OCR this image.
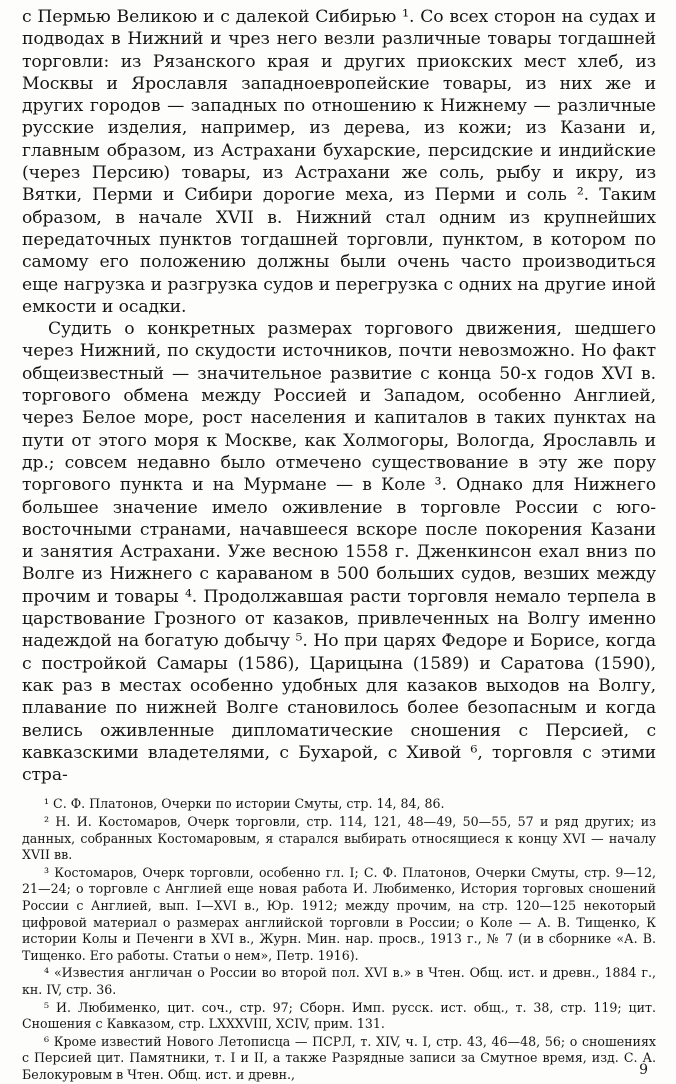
с Пермью Великою и с далекой Сибирью ¹. Со всех сторон на судах и подводах в Нижний и чрез него везли различные товары тогдашней торговли: из Рязанского края и других приокских мест хлеб, из Москвы и Ярославля западноевропейские товары, из них же и других городов — западных по отношению к Нижнему — различные русские изделия, например, из дерева, из кожи; из Казани и, главным образом, из Астрахани бухарские, персидские и индийские (через Персию) товары, из Астрахани же соль, рыбу и икру, из Вятки, Перми и Сибири дорогие меха, из Перми и соль ². Таким образом, в начале XVII в. Нижний стал одним из крупнейших передаточных пунктов тогдашней торговли, пунктом, в котором по самому его положению должны были очень часто производиться еще нагрузка и разгрузка судов и перегрузка с одних на другие иной емкости и осадки.

Судить о конкретных размерах торгового движения, шедшего через Нижний, по скудости источников, почти невозможно. Но факт общеизвестный — значительное развитие с конца 50-х годов XVI в. торгового обмена между Россией и Западом, особенно Англией, через Белое море, рост населения и капиталов в таких пунктах на пути от этого моря к Москве, как Холмогоры, Вологда, Ярославль и др.; совсем недавно было отмечено существование в эту же пору торгового пункта и на Мурмане — в Коле ³. Однако для Нижнего большее значение имело оживление в торговле России с юго-восточными странами, начавшееся вскоре после покорения Казани и занятия Астрахани. Уже весною 1558 г. Дженкинсон ехал вниз по Волге из Нижнего с караваном в 500 больших судов, везших между прочим и товары ⁴. Продолжавшая расти торговля немало терпела в царствование Грозного от казаков, привлеченных на Волгу именно надеждой на богатую добычу ⁵. Но при царях Федоре и Борисе, когда с постройкой Самары (1586), Царицына (1589) и Саратова (1590), как раз в местах особенно удобных для казаков выходов на Волгу, плавание по нижней Волге становилось более безопасным и когда велись оживленные дипломатические сношения с Персией, с кавказскими владетелями, с Бухарой, с Хивой ⁶, торговля с этими стра-

¹ С. Ф. Платонов, Очерки по истории Смуты, стр. 14, 84, 86.

² Н. И. Костомаров, Очерк торговли, стр. 114, 121, 48—49, 50—55, 57 и ряд других; из данных, собранных Костомаровым, я старался выбирать относящиеся к концу XVI — началу XVII вв.

³ Костомаров, Очерк торговли, особенно гл. I; С. Ф. Платонов, Очерки Смуты, стр. 9—12, 21—24; о торговле с Англией еще новая работа И. Любименко, История торговых сношений России с Англией, вып. I—XVI в., Юр. 1912; между прочим, на стр. 120—125 некоторый цифровой материал о размерах английской торговли в России; о Коле — А. В. Тищенко, К истории Колы и Печенги в XVI в., Журн. Мин. нар. просв., 1913 г., № 7 (и в сборнике «А. В. Тищенко. Его работы. Статьи о нем», Петр. 1916).

⁴ «Известия англичан о России во второй пол. XVI в.» в Чтен. Общ. ист. и древн., 1884 г., кн. IV, стр. 36.

⁵ И. Любименко, цит. соч., стр. 97; Сборн. Имп. русск. ист. общ., т. 38, стр. 119; цит. Сношения с Кавказом, стр. LXXXVIII, XCIV, прим. 131.

⁶ Кроме известий Нового Летописца — ПСРЛ, т. XIV, ч. I, стр. 43, 46—48, 56; о сношениях с Персией цит. Памятники, т. I и II, а также Разрядные записи за Смутное время, изд. С. А. Белокуровым в Чтен. Общ. ист. и древн.,	9
